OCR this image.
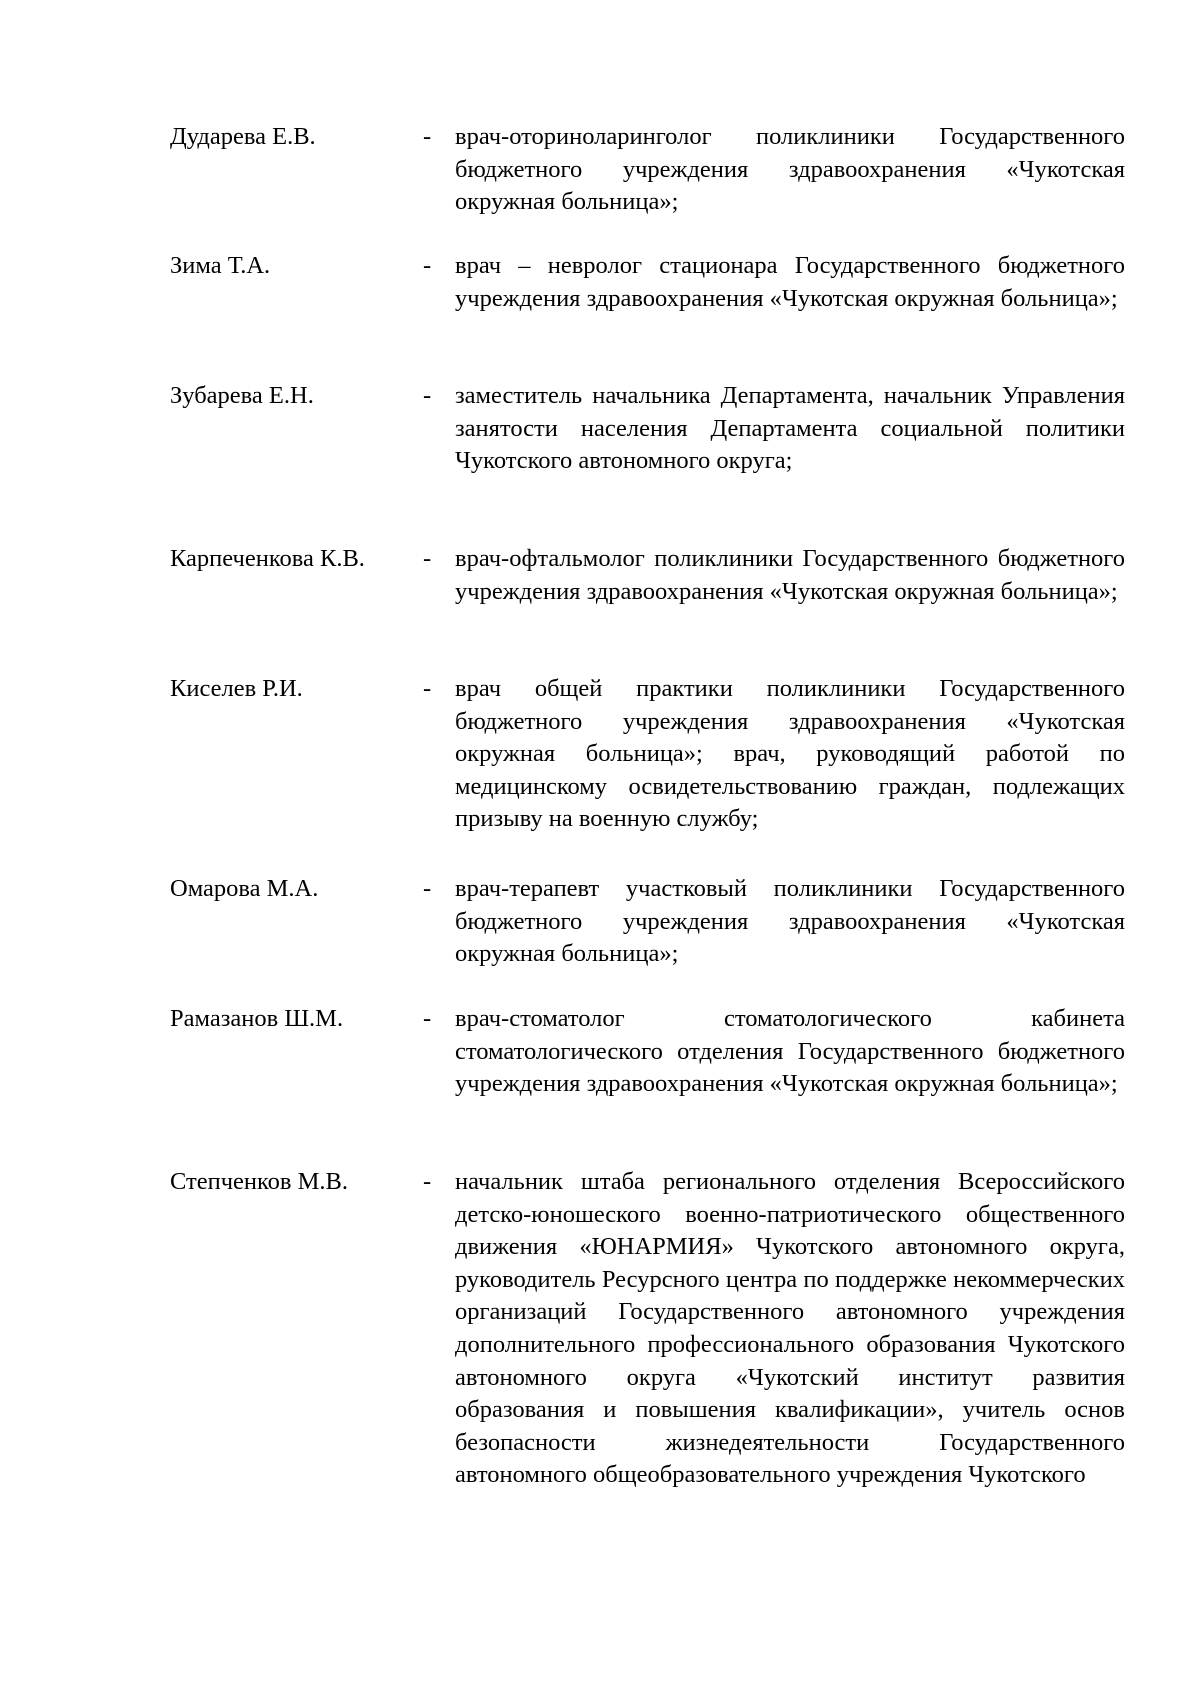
Дударева Е.В.	- врач-оториноларинголог поликлиники Государственного бюджетного учреждения здравоохранения «Чукотская окружная больница»;
Зима Т.А.	- врач – невролог стационара Государственного бюджетного учреждения здравоохранения «Чукотская окружная больница»;
Зубарева Е.Н.	- заместитель начальника Департамента, начальник Управления занятости населения Департамента социальной политики Чукотского автономного округа;
Карпеченкова К.В. - врач-офтальмолог поликлиники Государственного бюджетного учреждения здравоохранения «Чукотская окружная больница»;
Киселев Р.И.	- врач общей практики поликлиники Государственного бюджетного учреждения здравоохранения «Чукотская окружная больница»; врач, руководящий работой по медицинскому освидетельствованию граждан, подлежащих призыву на военную службу;
Омарова М.А.	- врач-терапевт участковый поликлиники Государственного бюджетного учреждения здравоохранения «Чукотская окружная больница»;
Рамазанов Ш.М.	- врач-стоматолог стоматологического кабинета стоматологического отделения Государственного бюджетного учреждения здравоохранения «Чукотская окружная больница»;
Степченков М.В.	- начальник штаба регионального отделения Всероссийского детско-юношеского военно-патриотического общественного движения «ЮНАРМИЯ» Чукотского автономного округа, руководитель Ресурсного центра по поддержке некоммерческих организаций Государственного автономного учреждения дополнительного профессионального образования Чукотского автономного округа «Чукотский институт развития образования и повышения квалификации», учитель основ безопасности жизнедеятельности Государственного автономного общеобразовательного учреждения Чукотского
